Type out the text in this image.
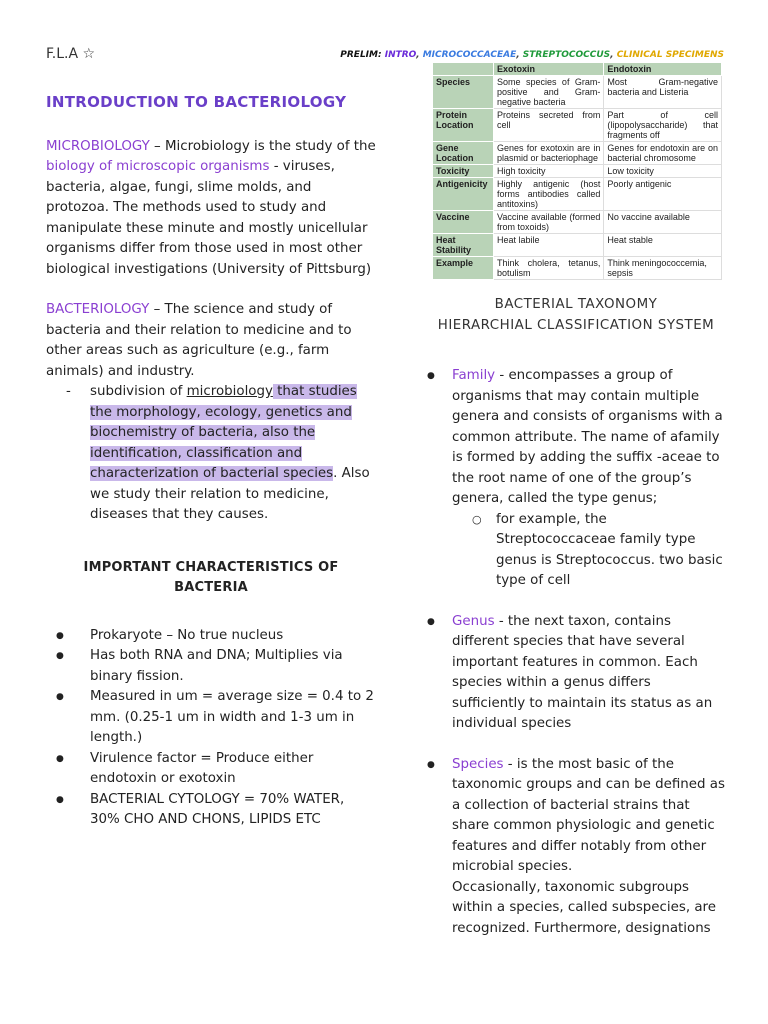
F.L.A ☆	PRELIM: INTRO, MICROCOCCACEAE, STREPTOCOCCUS, CLINICAL SPECIMENS
INTRODUCTION TO BACTERIOLOGY

MICROBIOLOGY – Microbiology is the study of the biology of microscopic organisms - viruses, bacteria, algae, fungi, slime molds, and protozoa. The methods used to study and manipulate these minute and mostly unicellular organisms differ from those used in most other biological investigations (University of Pittsburg)

BACTERIOLOGY – The science and study of bacteria and their relation to medicine and to other areas such as agriculture (e.g., farm animals) and industry.

- subdivision of microbiology that studies the morphology, ecology, genetics and biochemistry of bacteria, also the identification, classification and characterization of bacterial species. Also we study their relation to medicine, diseases that they causes.
IMPORTANT CHARACTERISTICS OF BACTERIA
● Prokaryote – No true nucleus
● Has both RNA and DNA; Multiplies via binary fission.
● Measured in um = average size = 0.4 to 2 mm. (0.25-1 um in width and 1-3 um in length.)
● Virulence factor = Produce either endotoxin or exotoxin
● BACTERIAL CYTOLOGY = 70% WATER, 30% CHO AND CHONS, LIPIDS ETC
	Exotoxin	Endotoxin
Species	Some species of Gram-positive and Gram-negative bacteria	Most Gram-negative bacteria and Listeria
Protein Location	Proteins secreted from cell	Part of cell (lipopolysaccharide) that fragments off
Gene Location	Genes for exotoxin are in plasmid or bacteriophage	Genes for endotoxin are on bacterial chromosome
Toxicity	High toxicity	Low toxicity
Antigenicity	Highly antigenic (host forms antibodies called antitoxins)	Poorly antigenic
Vaccine	Vaccine available (formed from toxoids)	No vaccine available
Heat Stability	Heat labile	Heat stable
Example	Think cholera, tetanus, botulism	Think meningococcemia, sepsis
BACTERIAL TAXONOMY
HIERARCHIAL CLASSIFICATION SYSTEM
● Family - encompasses a group of organisms that may contain multiple genera and consists of organisms with a common attribute. The name of afamily is formed by adding the suffix -aceae to the root name of one of the group’s genera, called the type genus;
○ for example, the Streptococcaceae family type genus is Streptococcus. two basic type of cell
● Genus - the next taxon, contains different species that have several important features in common. Each species within a genus differs sufficiently to maintain its status as an individual species
● Species - is the most basic of the taxonomic groups and can be defined as a collection of bacterial strains that share common physiologic and genetic features and differ notably from other microbial species.
Occasionally, taxonomic subgroups within a species, called subspecies, are recognized. Furthermore, designations
